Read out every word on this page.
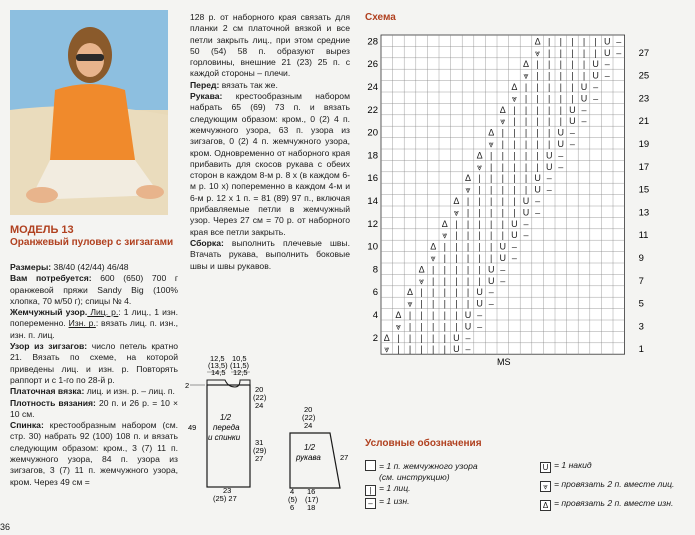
МОДЕЛЬ 13
Оранжевый пуловер с зигзагами

Размеры: 38/40 (42/44) 46/48

Вам потребуется: 600 (650) 700 г оранжевой пряжи Sandy Big (100% хлопка, 70 м/50 г); спицы № 4.

Жемчужный узор. Лиц. р.: 1 лиц., 1 изн. попеременно. Изн. р.: вязать лиц. п. изн., изн. п. лиц.

Узор из зигзагов: число петель кратно 21. Вязать по схеме, на которой приведены лиц. и изн. р. Повторять раппорт и с 1-го по 28-й р.

Платочная вязка: лиц. и изн. р. – лиц. п.

Плотность вязания: 20 п. и 26 р. = 10 × 10 см.

Спинка: крестообразным набором (см. стр. 30) набрать 92 (100) 108 п. и вязать следующим образом: кром., 3 (7) 11 п. жемчужного узора, 84 п. узора из зигзагов, 3 (7) 11 п. жемчужного узора, кром. Через 49 см =

128 р. от наборного края связать для планки 2 см платочной вязкой и все петли закрыть лиц., при этом средние 50 (54) 58 п. образуют вырез горловины, внешние 21 (23) 25 п. с каждой стороны – плечи.

Перед: вязать так же.

Рукава: крестообразным набором набрать 65 (69) 73 п. и вязать следующим образом: кром., 0 (2) 4 п. жемчужного узора, 63 п. узора из зигзагов, 0 (2) 4 п. жемчужного узора, кром. Одновременно от наборного края прибавить для скосов рукава с обеих сторон в каждом 8-м р. 8 х (в каждом 6-м р. 10 х) попеременно в каждом 4-м и 6-м р. 12 х 1 п. = 81 (89) 97 п., включая прибавляемые петли в жемчужный узор. Через 27 см = 70 р. от наборного края все петли закрыть.

Сборка: выполнить плечевые швы. Втачать рукава, выполнить боковые швы и швы рукавов.

12,5
(13,5)
14,5
10,5
(11,5)
12,5
2
49
20
(22)
24
31
(29)
27
1/2
переда
и спинки
23
(25) 27
20
(22)
24
1/2
рукава	27
4
(5)
6
16
(17)
18
Схема
Δ | | | | | U –
⩔ | | | | | U –
Δ | | | | | U –
⩔ | | | | | U –
Δ | | | | | U –
⩔ | | | | | U –
Δ | | | | | U –
⩔ | | | | | U –
Δ | | | | | U –
⩔ | | | | | U –
Δ | | | | | U –
⩔ | | | | | U –
Δ | | | | | U –
⩔ | | | | | U –
Δ | | | | | U –
⩔ | | | | | U –
Δ | | | | | U –
⩔ | | | | | U –
Δ | | | | | U –
⩔ | | | | | U –
Δ | | | | | U –
⩔ | | | | | U –
Δ | | | | | U –
⩔ | | | | | U –
Δ | | | | | U –
⩔ | | | | | U –
Δ | | | | | U –
⩔ | | | | | U –
28
26
24
22
20
18
16
14
12
10
8
6
4
2
27
25
23
21
19
17
15
13
11
9
7
5
3
1
MS
Условные обозначения
= 1 п. жемчужного узора
(см. инструкцию)
| = 1 лиц.
– = 1 изн.
U = 1 накид
⩔ = провязать 2 п. вместе лиц.
Δ = провязать 2 п. вместе изн.
36
